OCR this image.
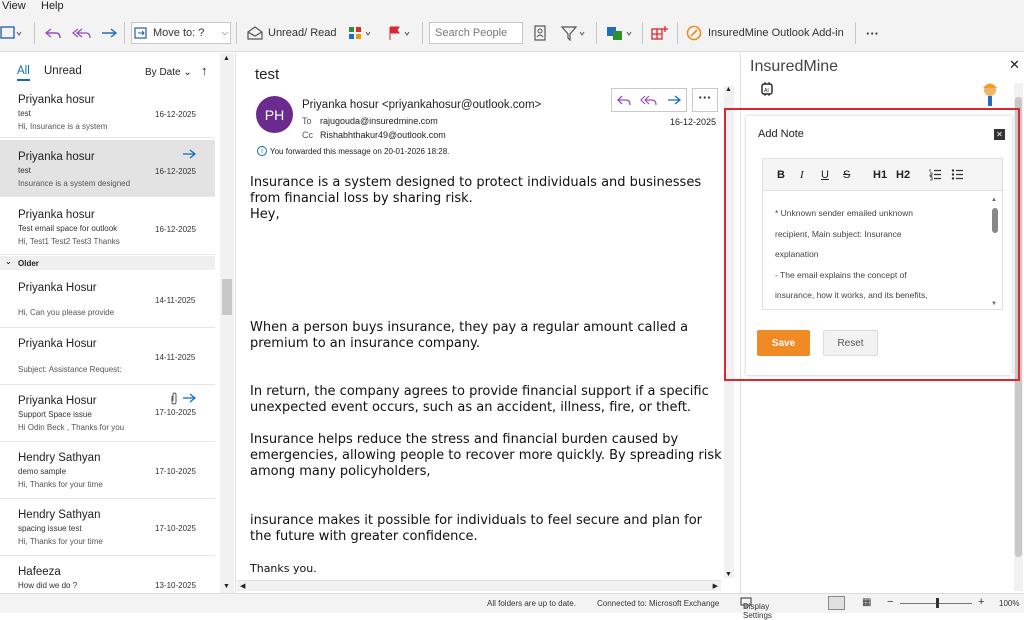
View Help
Move to: ? ⌵	Unread/ Read	Search People	InsuredMine Outlook Add-in ···
All Unread	By Date ⌄ ↑
Priyanka hosur
test
Hi, Insurance is a system
16-12-2025
Priyanka hosur
test
Insurance is a system designed
16-12-2025
Priyanka hosur
Test email space for outlook
Hi, Test1 Test2 Test3 Thanks
16-12-2025
⌄ Older
Priyanka Hosur
Hi, Can you please provide
14-11-2025
Priyanka Hosur
Subject: Assistance Request:
14-11-2025
Priyanka Hosur
Support Space issue
Hi Odin Beck , Thanks for you
17-10-2025
Hendry Sathyan
demo sample
Hi, Thanks for your time
17-10-2025
Hendry Sathyan
spacing issue test
Hi, Thanks for your time
17-10-2025
Hafeeza
How did we do ?	13-10-2025
▲
▼
test
PH
Priyanka hosur <priyankahosur@outlook.com>
To rajugouda@insuredmine.com
Cc Rishabhthakur49@outlook.com
16-12-2025
···
i You forwarded this message on 20-01-2026 18:28.
Insurance is a system designed to protect individuals and businesses
from financial loss by sharing risk.
Hey,
When a person buys insurance, they pay a regular amount called a
premium to an insurance company.
In return, the company agrees to provide financial support if a specific
unexpected event occurs, such as an accident, illness, fire, or theft.
Insurance helps reduce the stress and financial burden caused by
emergencies, allowing people to recover more quickly. By spreading risk
among many policyholders,
insurance makes it possible for individuals to feel secure and plan for
the future with greater confidence.
Thanks you.
▲
▼
◀	▶
InsuredMine	✕
AI
Add Note	✕
B I U S H1 H2
* Unknown sender emailed unknown
recipient, Main subject: Insurance
explanation
- The email explains the concept of
insurance, how it works, and its benefits,
▲
▼
Save	Reset
All folders are up to date.	Connected to: Microsoft Exchange	Display Settings
▦ −	+ 100%
